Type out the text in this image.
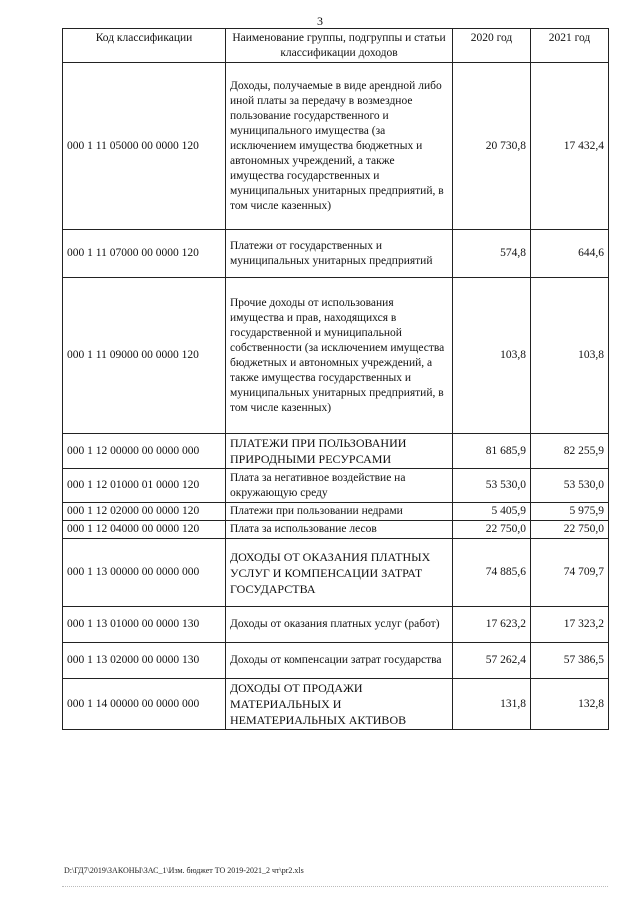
3
Код классификации	Наименование группы, подгруппы и статьи классификации доходов	2020 год	2021 год
000 1 11 05000 00 0000 120	Доходы, получаемые в виде арендной либо иной платы за передачу в возмездное пользование государственного и муниципального имущества (за исключением имущества бюджетных и автономных учреждений, а также имущества государственных и муниципальных унитарных предприятий, в том числе казенных)	20 730,8	17 432,4
000 1 11 07000 00 0000 120	Платежи от государственных и муниципальных унитарных предприятий	574,8	644,6
000 1 11 09000 00 0000 120	Прочие доходы от использования имущества и прав, находящихся в государственной и муниципальной собственности (за исключением имущества бюджетных и автономных учреждений, а также имущества государственных и муниципальных унитарных предприятий, в том числе казенных)	103,8	103,8
000 1 12 00000 00 0000 000	ПЛАТЕЖИ ПРИ ПОЛЬЗОВАНИИ ПРИРОДНЫМИ РЕСУРСАМИ	81 685,9	82 255,9
000 1 12 01000 01 0000 120	Плата за негативное воздействие на окружающую среду	53 530,0	53 530,0
000 1 12 02000 00 0000 120	Платежи при пользовании недрами	5 405,9	5 975,9
000 1 12 04000 00 0000 120	Плата за использование лесов	22 750,0	22 750,0
000 1 13 00000 00 0000 000	ДОХОДЫ ОТ ОКАЗАНИЯ ПЛАТНЫХ УСЛУГ И КОМПЕНСАЦИИ ЗАТРАТ ГОСУДАРСТВА	74 885,6	74 709,7
000 1 13 01000 00 0000 130	Доходы от оказания платных услуг (работ)	17 623,2	17 323,2
000 1 13 02000 00 0000 130	Доходы от компенсации затрат государства	57 262,4	57 386,5
000 1 14 00000 00 0000 000	ДОХОДЫ ОТ ПРОДАЖИ МАТЕРИАЛЬНЫХ И НЕМАТЕРИАЛЬНЫХ АКТИВОВ	131,8	132,8
D:\ГД7\2019\ЗАКОНЫ\ЗАС_1\Изм. бюджет ТО 2019-2021_2 чт\pr2.xls
